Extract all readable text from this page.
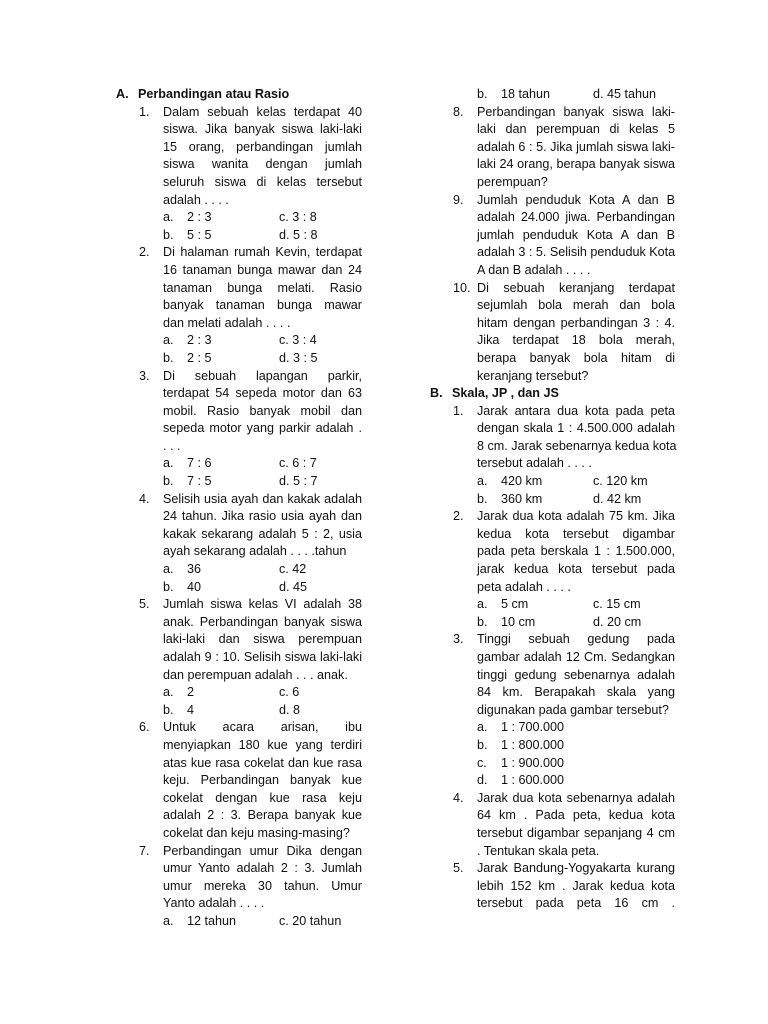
A. Perbandingan atau Rasio
1. Dalam sebuah kelas terdapat 40
siswa. Jika banyak siswa laki-laki
15 orang, perbandingan jumlah
siswa wanita dengan jumlah
seluruh siswa di kelas tersebut
adalah . . . .
a. 2 : 3	c. 3 : 8
b. 5 : 5	d. 5 : 8
2. Di halaman rumah Kevin, terdapat
16 tanaman bunga mawar dan 24
tanaman bunga melati. Rasio
banyak tanaman bunga mawar
dan melati adalah . . . .
a. 2 : 3	c. 3 : 4
b. 2 : 5	d. 3 : 5
3. Di sebuah lapangan parkir,
terdapat 54 sepeda motor dan 63
mobil. Rasio banyak mobil dan
sepeda motor yang parkir adalah .
. . .
a. 7 : 6	c. 6 : 7
b. 7 : 5	d. 5 : 7
4. Selisih usia ayah dan kakak adalah
24 tahun. Jika rasio usia ayah dan
kakak sekarang adalah 5 : 2, usia
ayah sekarang adalah . . . .tahun
a. 36	c. 42
b. 40	d. 45
5. Jumlah siswa kelas VI adalah 38
anak. Perbandingan banyak siswa
laki-laki dan siswa perempuan
adalah 9 : 10. Selisih siswa laki-laki
dan perempuan adalah . . . anak.
a. 2	c. 6
b. 4	d. 8
6. Untuk acara arisan, ibu
menyiapkan 180 kue yang terdiri
atas kue rasa cokelat dan kue rasa
keju. Perbandingan banyak kue
cokelat dengan kue rasa keju
adalah 2 : 3. Berapa banyak kue
cokelat dan keju masing-masing?
7. Perbandingan umur Dika dengan
umur Yanto adalah 2 : 3. Jumlah
umur mereka 30 tahun. Umur
Yanto adalah . . . .
a. 12 tahun	c. 20 tahun
b. 18 tahun	d. 45 tahun
8. Perbandingan banyak siswa laki-
laki dan perempuan di kelas 5
adalah 6 : 5. Jika jumlah siswa laki-
laki 24 orang, berapa banyak siswa
perempuan?
9. Jumlah penduduk Kota A dan B
adalah 24.000 jiwa. Perbandingan
jumlah penduduk Kota A dan B
adalah 3 : 5. Selisih penduduk Kota
A dan B adalah . . . .
10. Di sebuah keranjang terdapat
sejumlah bola merah dan bola
hitam dengan perbandingan 3 : 4.
Jika terdapat 18 bola merah,
berapa banyak bola hitam di
keranjang tersebut?
B. Skala, JP , dan JS
1. Jarak antara dua kota pada peta
dengan skala 1 : 4.500.000 adalah
8 cm. Jarak sebenarnya kedua kota
tersebut adalah . . . .
a. 420 km	c. 120 km
b. 360 km	d. 42 km
2. Jarak dua kota adalah 75 km. Jika
kedua kota tersebut digambar
pada peta berskala 1 : 1.500.000,
jarak kedua kota tersebut pada
peta adalah . . . .
a. 5 cm	c. 15 cm
b. 10 cm	d. 20 cm
3. Tinggi sebuah gedung pada
gambar adalah 12 Cm. Sedangkan
tinggi gedung sebenarnya adalah
84 km. Berapakah skala yang
digunakan pada gambar tersebut?
a. 1 : 700.000
b. 1 : 800.000
c. 1 : 900.000
d. 1 : 600.000
4. Jarak dua kota sebenarnya adalah
64 km . Pada peta, kedua kota
tersebut digambar sepanjang 4 cm
. Tentukan skala peta.
5. Jarak Bandung-Yogyakarta kurang
lebih 152 km . Jarak kedua kota
tersebut pada peta 16 cm .
